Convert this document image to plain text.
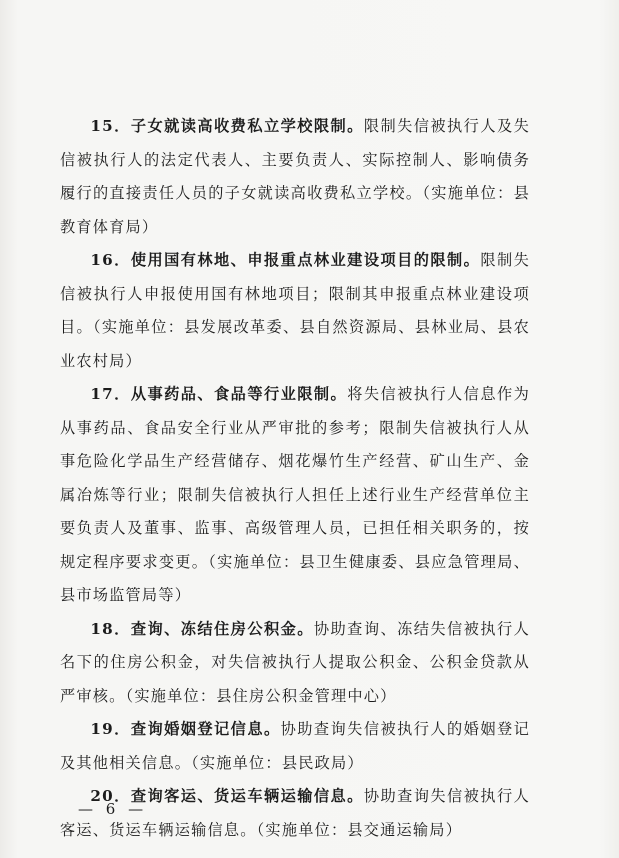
15．子女就读高收费私立学校限制。限制失信被执行人及失信被执行人的法定代表人、主要负责人、实际控制人、影响债务履行的直接责任人员的子女就读高收费私立学校。（实施单位：县教育体育局）

16．使用国有林地、申报重点林业建设项目的限制。限制失信被执行人申报使用国有林地项目；限制其申报重点林业建设项目。（实施单位：县发展改革委、县自然资源局、县林业局、县农业农村局）

17．从事药品、食品等行业限制。将失信被执行人信息作为从事药品、食品安全行业从严审批的参考；限制失信被执行人从事危险化学品生产经营储存、烟花爆竹生产经营、矿山生产、金属冶炼等行业；限制失信被执行人担任上述行业生产经营单位主要负责人及董事、监事、高级管理人员，已担任相关职务的，按规定程序要求变更。（实施单位：县卫生健康委、县应急管理局、县市场监管局等）

18．查询、冻结住房公积金。协助查询、冻结失信被执行人名下的住房公积金，对失信被执行人提取公积金、公积金贷款从严审核。（实施单位：县住房公积金管理中心）

19．查询婚姻登记信息。协助查询失信被执行人的婚姻登记及其他相关信息。（实施单位：县民政局）

20．查询客运、货运车辆运输信息。协助查询失信被执行人客运、货运车辆运输信息。（实施单位：县交通运输局）

— 6 —
